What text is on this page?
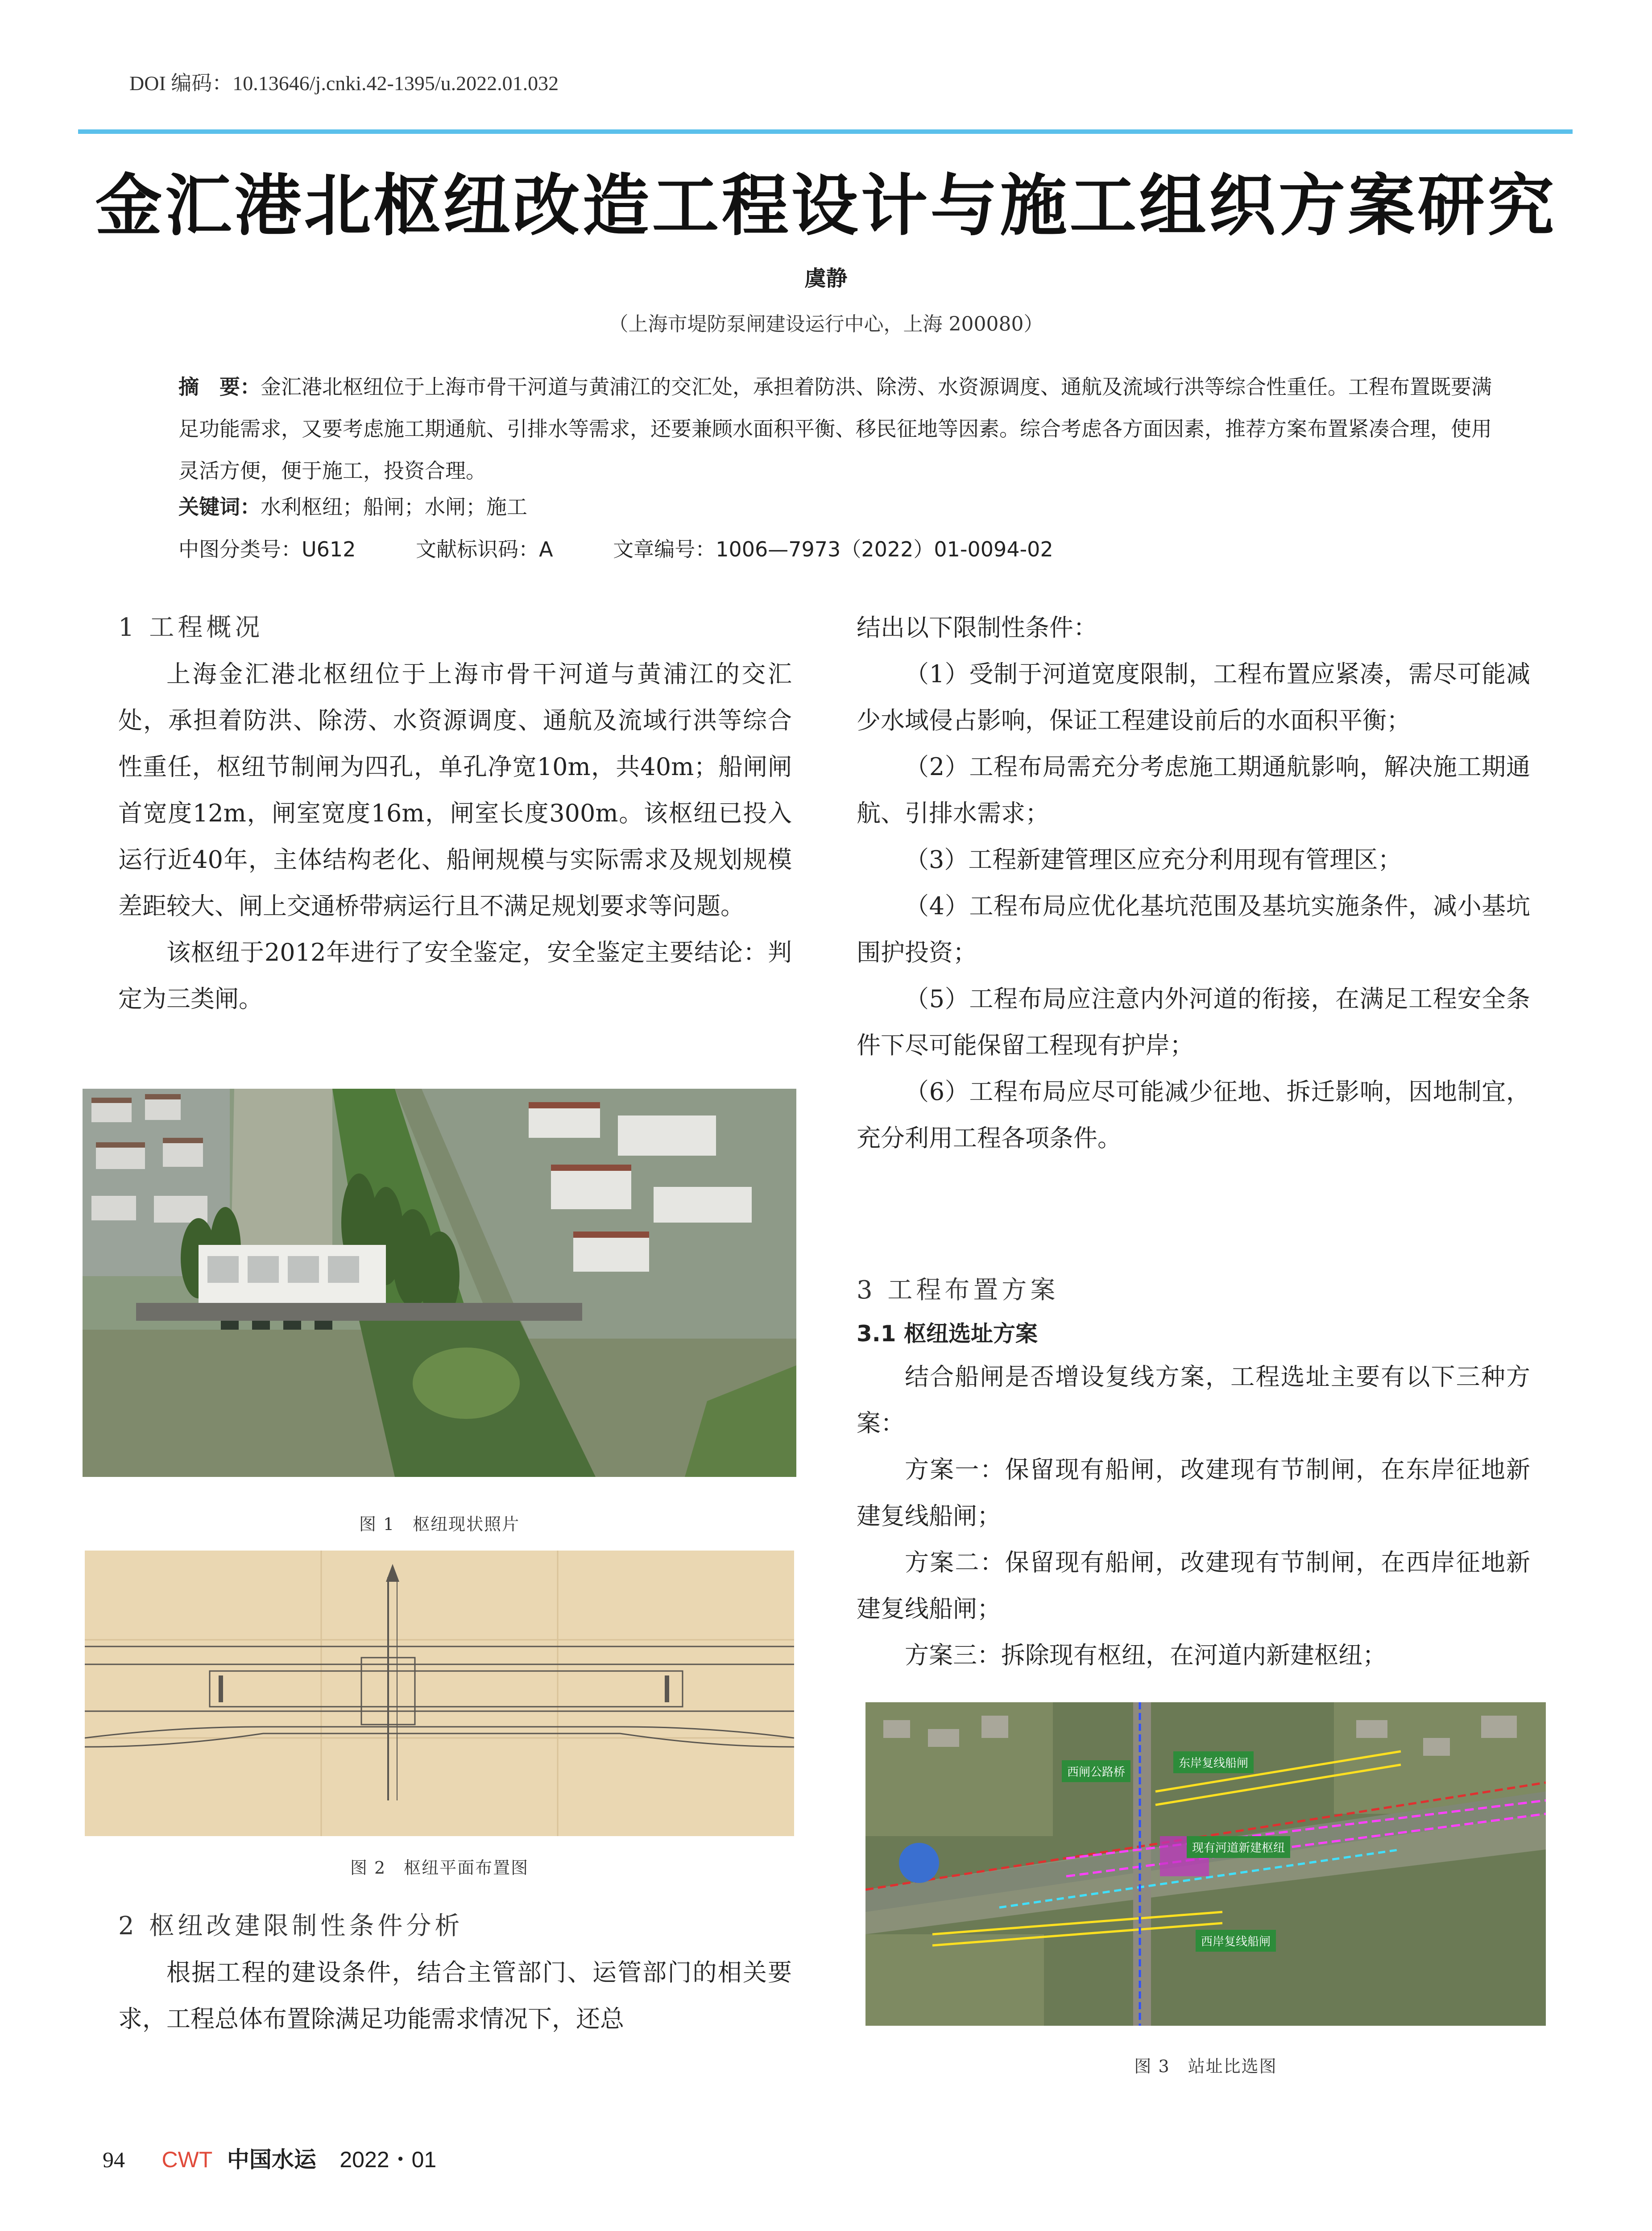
DOI 编码：10.13646/j.cnki.42-1395/u.2022.01.032
金汇港北枢纽改造工程设计与施工组织方案研究
虞静
（上海市堤防泵闸建设运行中心，上海 200080）
摘　要：金汇港北枢纽位于上海市骨干河道与黄浦江的交汇处，承担着防洪、除涝、水资源调度、通航及流域行洪等综合性重任。工程布置既要满足功能需求，又要考虑施工期通航、引排水等需求，还要兼顾水面积平衡、移民征地等因素。综合考虑各方面因素，推荐方案布置紧凑合理，使用灵活方便，便于施工，投资合理。
关键词：水利枢纽；船闸；水闸；施工
中图分类号：U612	文献标识码：A	文章编号：1006—7973（2022）01-0094-02
1 工程概况

上海金汇港北枢纽位于上海市骨干河道与黄浦江的交汇处，承担着防洪、除涝、水资源调度、通航及流域行洪等综合性重任，枢纽节制闸为四孔，单孔净宽10m，共40m；船闸闸首宽度12m，闸室宽度16m，闸室长度300m。该枢纽已投入运行近40年，主体结构老化、船闸规模与实际需求及规划规模差距较大、闸上交通桥带病运行且不满足规划要求等问题。

该枢纽于2012年进行了安全鉴定，安全鉴定主要结论：判定为三类闸。

图 1　枢纽现状照片
图 2　枢纽平面布置图
2 枢纽改建限制性条件分析

根据工程的建设条件，结合主管部门、运管部门的相关要求，工程总体布置除满足功能需求情况下，还总

结出以下限制性条件：

（1）受制于河道宽度限制，工程布置应紧凑，需尽可能减少水域侵占影响，保证工程建设前后的水面积平衡；

（2）工程布局需充分考虑施工期通航影响，解决施工期通航、引排水需求；

（3）工程新建管理区应充分利用现有管理区；

（4）工程布局应优化基坑范围及基坑实施条件，减小基坑围护投资；

（5）工程布局应注意内外河道的衔接，在满足工程安全条件下尽可能保留工程现有护岸；

（6）工程布局应尽可能减少征地、拆迁影响，因地制宜，充分利用工程各项条件。

3 工程布置方案
3.1 枢纽选址方案

结合船闸是否增设复线方案，工程选址主要有以下三种方案：

方案一：保留现有船闸，改建现有节制闸，在东岸征地新建复线船闸；

方案二：保留现有船闸，改建现有节制闸，在西岸征地新建复线船闸；

方案三：拆除现有枢纽，在河道内新建枢纽；

西闸公路桥
东岸复线船闸
现有河道新建枢纽
西岸复线船闸
图 3　站址比选图
94 CWT 中国水运 2022・01
